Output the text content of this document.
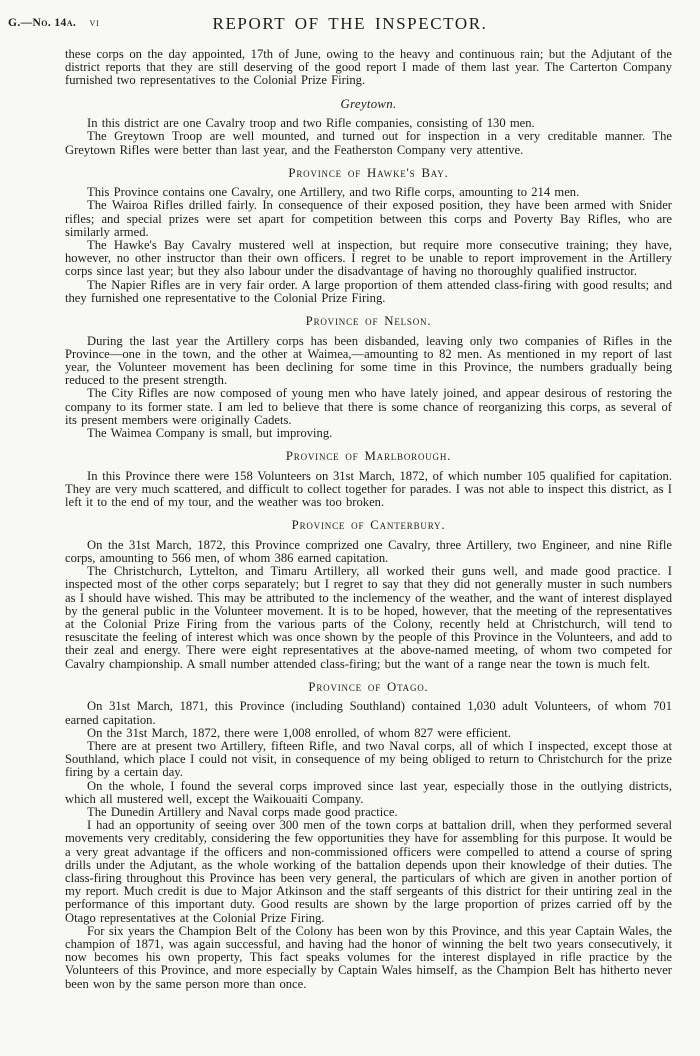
G.—No. 14a. vi	REPORT OF THE INSPECTOR.

these corps on the day appointed, 17th of June, owing to the heavy and continuous rain; but the Adjutant of the district reports that they are still deserving of the good report I made of them last year. The Carterton Company furnished two representatives to the Colonial Prize Firing.

Greytown.

In this district are one Cavalry troop and two Rifle companies, consisting of 130 men.

The Greytown Troop are well mounted, and turned out for inspection in a very creditable manner. The Greytown Rifles were better than last year, and the Featherston Company very attentive.

Province of Hawke's Bay.

This Province contains one Cavalry, one Artillery, and two Rifle corps, amounting to 214 men.

The Wairoa Rifles drilled fairly. In consequence of their exposed position, they have been armed with Snider rifles; and special prizes were set apart for competition between this corps and Poverty Bay Rifles, who are similarly armed.

The Hawke's Bay Cavalry mustered well at inspection, but require more consecutive training; they have, however, no other instructor than their own officers. I regret to be unable to report improvement in the Artillery corps since last year; but they also labour under the disadvantage of having no thoroughly qualified instructor.

The Napier Rifles are in very fair order. A large proportion of them attended class-firing with good results; and they furnished one representative to the Colonial Prize Firing.

Province of Nelson.

During the last year the Artillery corps has been disbanded, leaving only two companies of Rifles in the Province—one in the town, and the other at Waimea,—amounting to 82 men. As mentioned in my report of last year, the Volunteer movement has been declining for some time in this Province, the numbers gradually being reduced to the present strength.

The City Rifles are now composed of young men who have lately joined, and appear desirous of restoring the company to its former state. I am led to believe that there is some chance of reorganizing this corps, as several of its present members were originally Cadets.

The Waimea Company is small, but improving.

Province of Marlborough.

In this Province there were 158 Volunteers on 31st March, 1872, of which number 105 qualified for capitation. They are very much scattered, and difficult to collect together for parades. I was not able to inspect this district, as I left it to the end of my tour, and the weather was too broken.

Province of Canterbury.

On the 31st March, 1872, this Province comprized one Cavalry, three Artillery, two Engineer, and nine Rifle corps, amounting to 566 men, of whom 386 earned capitation.

The Christchurch, Lyttelton, and Timaru Artillery, all worked their guns well, and made good practice. I inspected most of the other corps separately; but I regret to say that they did not generally muster in such numbers as I should have wished. This may be attributed to the inclemency of the weather, and the want of interest displayed by the general public in the Volunteer movement. It is to be hoped, however, that the meeting of the representatives at the Colonial Prize Firing from the various parts of the Colony, recently held at Christchurch, will tend to resuscitate the feeling of interest which was once shown by the people of this Province in the Volunteers, and add to their zeal and energy. There were eight representatives at the above-named meeting, of whom two competed for Cavalry championship. A small number attended class-firing; but the want of a range near the town is much felt.

Province of Otago.

On 31st March, 1871, this Province (including Southland) contained 1,030 adult Volunteers, of whom 701 earned capitation.

On the 31st March, 1872, there were 1,008 enrolled, of whom 827 were efficient.

There are at present two Artillery, fifteen Rifle, and two Naval corps, all of which I inspected, except those at Southland, which place I could not visit, in consequence of my being obliged to return to Christchurch for the prize firing by a certain day.

On the whole, I found the several corps improved since last year, especially those in the outlying districts, which all mustered well, except the Waikouaiti Company.

The Dunedin Artillery and Naval corps made good practice.

I had an opportunity of seeing over 300 men of the town corps at battalion drill, when they performed several movements very creditably, considering the few opportunities they have for assembling for this purpose. It would be a very great advantage if the officers and non-commissioned officers were compelled to attend a course of spring drills under the Adjutant, as the whole working of the battalion depends upon their knowledge of their duties. The class-firing throughout this Province has been very general, the particulars of which are given in another portion of my report. Much credit is due to Major Atkinson and the staff sergeants of this district for their untiring zeal in the performance of this important duty. Good results are shown by the large proportion of prizes carried off by the Otago representatives at the Colonial Prize Firing.

For six years the Champion Belt of the Colony has been won by this Province, and this year Captain Wales, the champion of 1871, was again successful, and having had the honor of winning the belt two years consecutively, it now becomes his own property, This fact speaks volumes for the interest displayed in rifle practice by the Volunteers of this Province, and more especially by Captain Wales himself, as the Champion Belt has hitherto never been won by the same person more than once.
